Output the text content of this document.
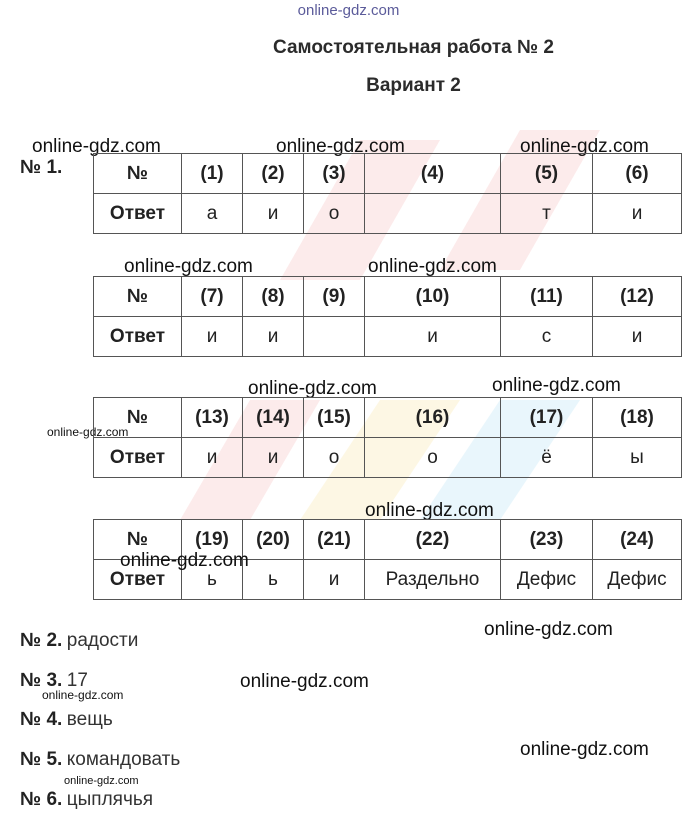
online-gdz.com
Самостоятельная работа № 2
Вариант 2
online-gdz.com	online-gdz.com	online-gdz.com
№ 1.	№	(1)	(2)	(3)	(4)	(5)	(6)
Ответ	а	и	о		т	и
online-gdz.com	online-gdz.com
№	(7)	(8)	(9)	(10)	(11)	(12)
Ответ	и	и		и	с	и
online-gdz.com	online-gdz.com
online-gdz.com
№	(13)	(14)	(15)	(16)	(17)	(18)
Ответ	и	и	о	о	ё	ы
online-gdz.com
№	(19)	(20)	(21)	(22)	(23)	(24)
Ответ	ь	ь	и	Раздельно	Дефис	Дефис
online-gdz.com
№ 2. радости
online-gdz.com
№ 3. 17
online-gdz.com
online-gdz.com
№ 4. вещь
№ 5. командовать	online-gdz.com
online-gdz.com
№ 6. цыплячья
